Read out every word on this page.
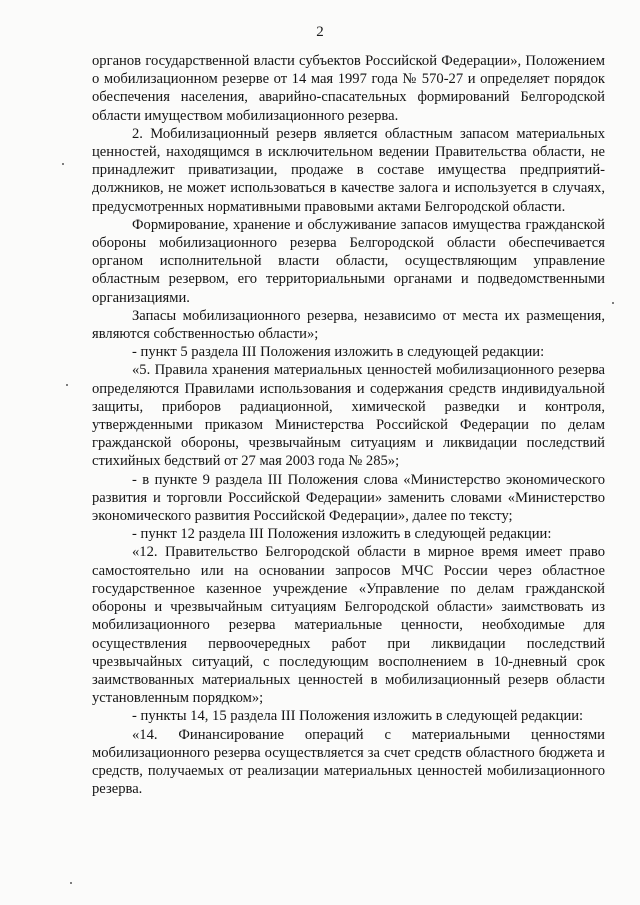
2

органов государственной власти субъектов Российской Федерации», Положением о мобилизационном резерве от 14 мая 1997 года № 570-27 и определяет порядок обеспечения населения, аварийно-спасательных формирований Белгородской области имуществом мобилизационного резерва.

2. Мобилизационный резерв является областным запасом материальных ценностей, находящимся в исключительном ведении Правительства области, не принадлежит приватизации, продаже в составе имущества предприятий-должников, не может использоваться в качестве залога и используется в случаях, предусмотренных нормативными правовыми актами Белгородской области.

Формирование, хранение и обслуживание запасов имущества гражданской обороны мобилизационного резерва Белгородской области обеспечивается органом исполнительной власти области, осуществляющим управление областным резервом, его территориальными органами и подведомственными организациями.

Запасы мобилизационного резерва, независимо от места их размещения, являются собственностью области»;

- пункт 5 раздела III Положения изложить в следующей редакции:

«5. Правила хранения материальных ценностей мобилизационного резерва определяются Правилами использования и содержания средств индивидуальной защиты, приборов радиационной, химической разведки и контроля, утвержденными приказом Министерства Российской Федерации по делам гражданской обороны, чрезвычайным ситуациям и ликвидации последствий стихийных бедствий от 27 мая 2003 года № 285»;

- в пункте 9 раздела III Положения слова «Министерство экономического развития и торговли Российской Федерации» заменить словами «Министерство экономического развития Российской Федерации», далее по тексту;

- пункт 12 раздела III Положения изложить в следующей редакции:

«12. Правительство Белгородской области в мирное время имеет право самостоятельно или на основании запросов МЧС России через областное государственное казенное учреждение «Управление по делам гражданской обороны и чрезвычайным ситуациям Белгородской области» заимствовать из мобилизационного резерва материальные ценности, необходимые для осуществления первоочередных работ при ликвидации последствий чрезвычайных ситуаций, с последующим восполнением в 10-дневный срок заимствованных материальных ценностей в мобилизационный резерв области установленным порядком»;

- пункты 14, 15 раздела III Положения изложить в следующей редакции:

«14. Финансирование операций с материальными ценностями мобилизационного резерва осуществляется за счет средств областного бюджета и средств, получаемых от реализации материальных ценностей мобилизационного резерва.
